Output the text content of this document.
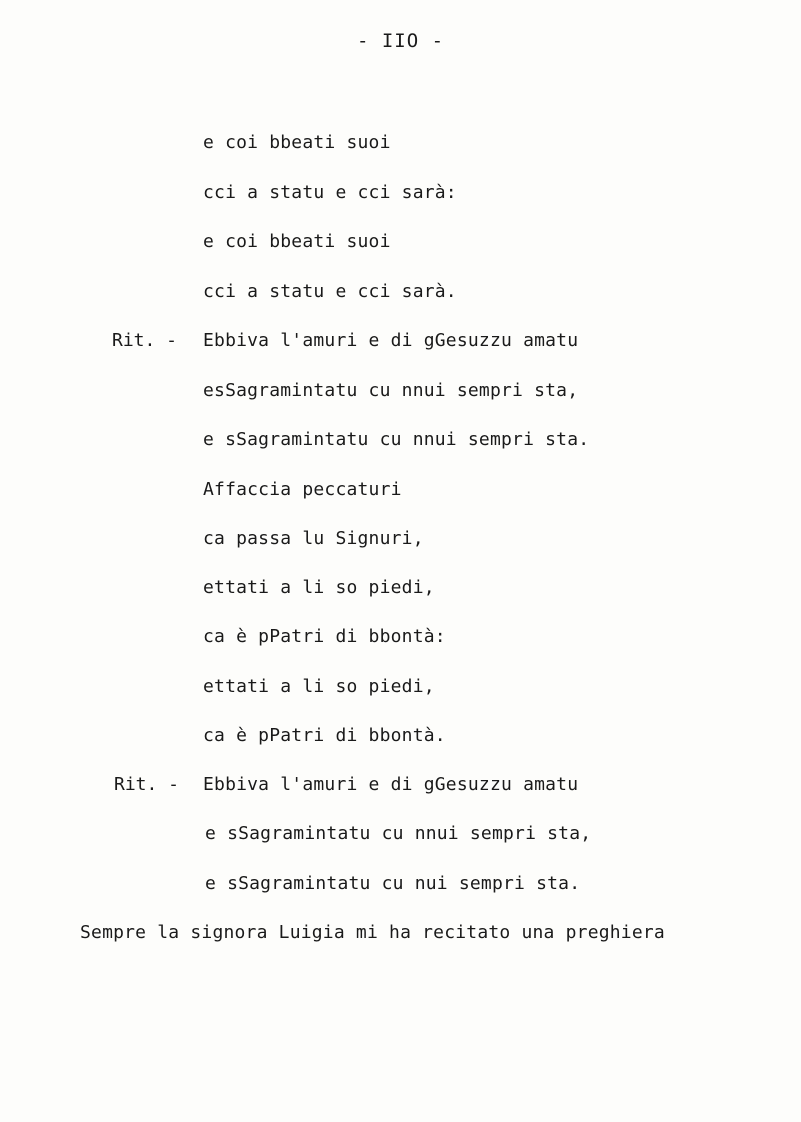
- IIO -
e coi bbeati suoi
cci a statu e cci sarà:
e coi bbeati suoi
cci a statu e cci sarà.
Rit. - Ebbiva l'amuri e di gGesuzzu amatu
esSagramintatu cu nnui sempri sta,
e sSagramintatu cu nnui sempri sta.
Affaccia peccaturi
ca passa lu Signuri,
ettati a li so piedi,
ca è pPatri di bbontà:
ettati a li so piedi,
ca è pPatri di bbontà.
Rit. - Ebbiva l'amuri e di gGesuzzu amatu
e sSagramintatu cu nnui sempri sta,
e sSagramintatu cu nui sempri sta.
Sempre la signora Luigia mi ha recitato una preghiera
